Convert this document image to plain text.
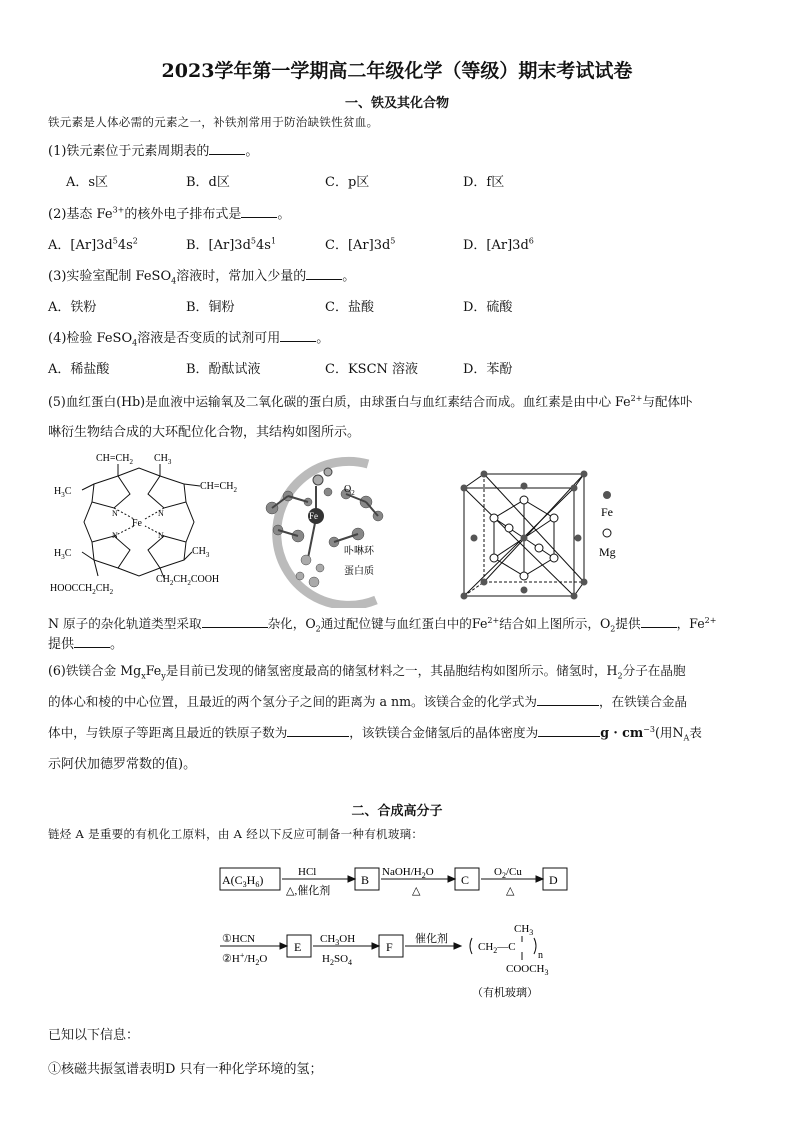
2023学年第一学期高二年级化学（等级）期末考试试卷
一、铁及其化合物
铁元素是人体必需的元素之一，补铁剂常用于防治缺铁性贫血。
(1)铁元素位于元素周期表的	。
A．s区	B．d区	C．p区	D．f区
(2)基态 $Fe^{3+}$的核外电子排布式是	。
A．$[Ar]3d^54s^2$	B．$[Ar]3d^54s^1$	C．$[Ar]3d^5$	D．$[Ar]3d^6$
(3)实验室配制 FeSO$_4$溶液时，常加入少量的	。
A．铁粉	B．铜粉	C．盐酸	D．硫酸
(4)检验 FeSO$_4$溶液是否变质的试剂可用	。
A．稀盐酸	B．酚酞试液	C．KSCN 溶液	D．苯酚
(5)血红蛋白(Hb)是血液中运输氧及二氧化碳的蛋白质，由球蛋白与血红素结合而成。血红素是由中心 $Fe^{2+}$与配体卟
啉衍生物结合成的大环配位化合物，其结构如图所示。
$CH=CH_2$ $CH_3$
$CH=CH_2$
$H_3C$
Fe
N	N
N	N
$H_3C$	$CH_3$
$HOOCCH_2CH_2$
$CH_2CH_2COOH$
Fe
$O_2$
卟啉环
蛋白质
Fe
Mg
N 原子的杂化轨道类型采取	杂化，$O_2$通过配位键与血红蛋白中的$Fe^{2+}$结合如上图所示，$O_2$提供	，$Fe^{2+}$
提供	。
(6)铁镁合金 $Mg_xFe_y$是目前已发现的储氢密度最高的储氢材料之一，其晶胞结构如图所示。储氢时，$H_2$分子在晶胞
的体心和棱的中心位置，且最近的两个氢分子之间的距离为 a nm。该镁合金的化学式为	，在铁镁合金晶
体中，与铁原子等距离且最近的铁原子数为	，该铁镁合金储氢后的晶体密度为	$g \cdot cm^{-3}$(用$N_A$表
示阿伏加德罗常数的值)。
二、合成高分子
链烃 A 是重要的有机化工原料，由 A 经以下反应可制备一种有机玻璃：
$A(C_3H_6)$
HCl
△,催化剂
B
NaOH/$H_2O$
△
C
$O_2/Cu$
△
D
①HCN
$②H^+/H_2O$
E
$CH_3OH$
$H_2SO_4$
F
催化剂
$CH_2—C$
$CH_3$
n
$COOCH_3$
（有机玻璃）
已知以下信息：
①核磁共振氢谱表明D 只有一种化学环境的氢；
